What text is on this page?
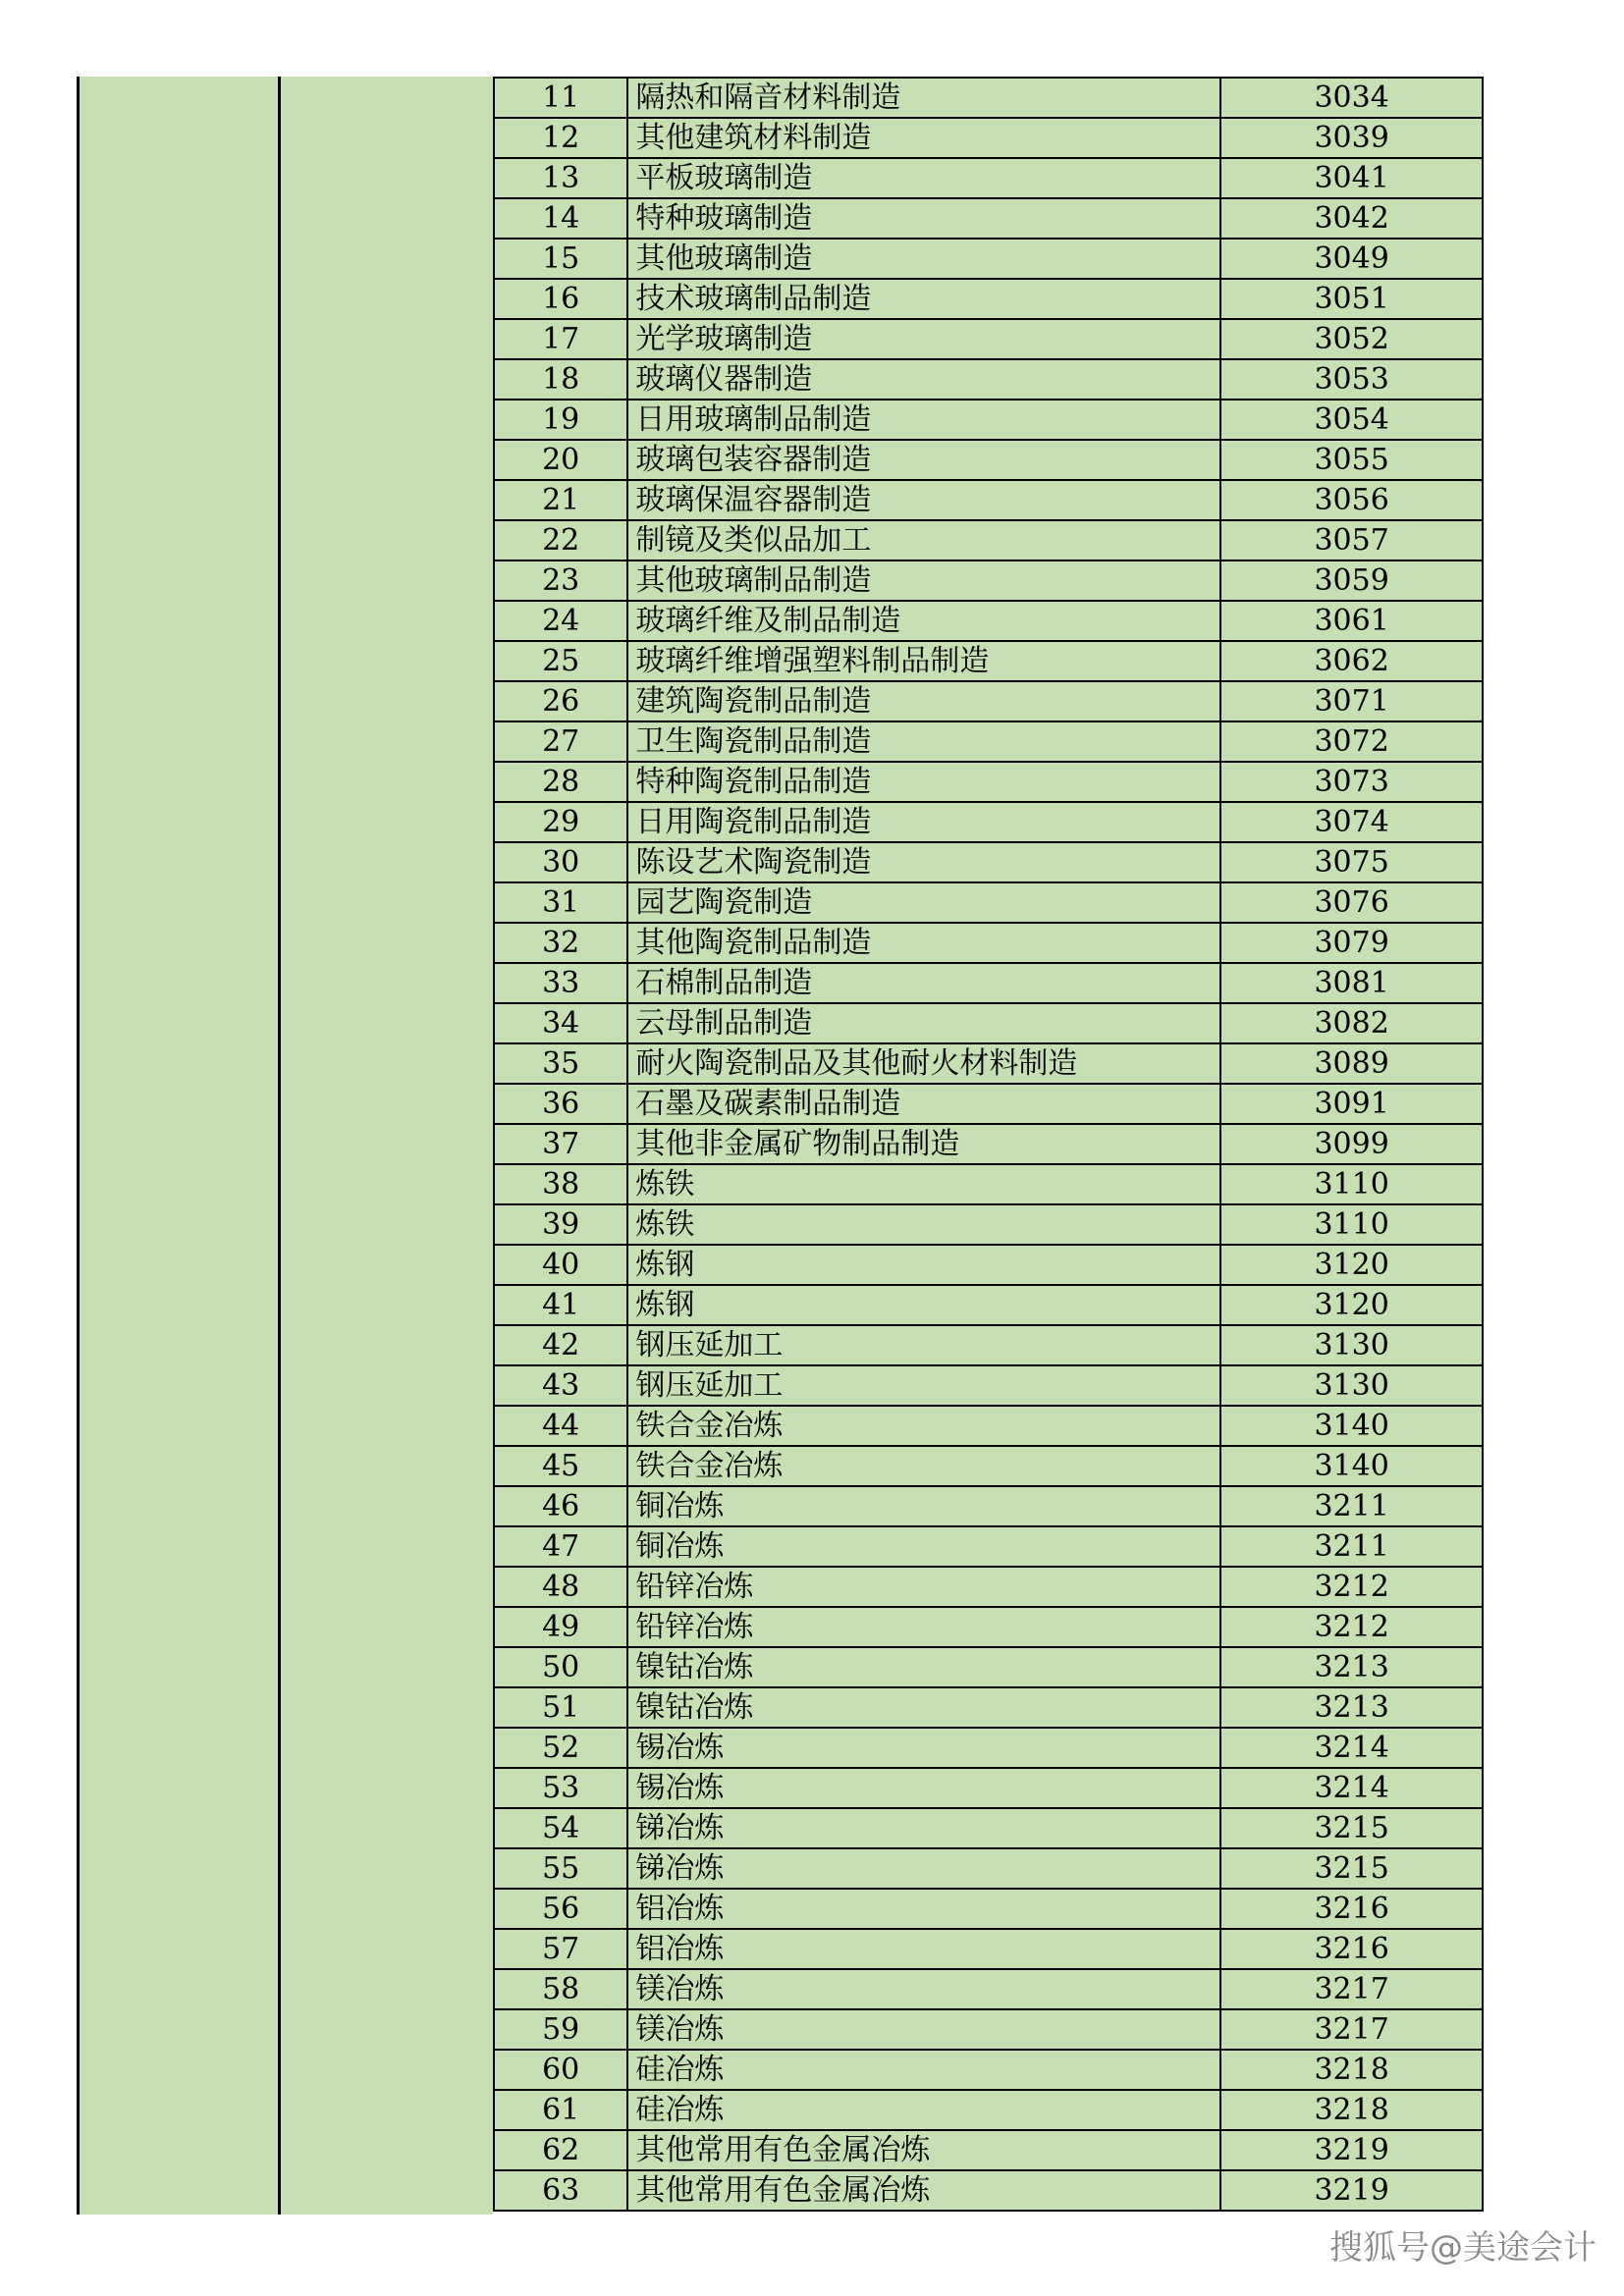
11	隔热和隔音材料制造	3034
12	其他建筑材料制造	3039
13	平板玻璃制造	3041
14	特种玻璃制造	3042
15	其他玻璃制造	3049
16	技术玻璃制品制造	3051
17	光学玻璃制造	3052
18	玻璃仪器制造	3053
19	日用玻璃制品制造	3054
20	玻璃包装容器制造	3055
21	玻璃保温容器制造	3056
22	制镜及类似品加工	3057
23	其他玻璃制品制造	3059
24	玻璃纤维及制品制造	3061
25	玻璃纤维增强塑料制品制造	3062
26	建筑陶瓷制品制造	3071
27	卫生陶瓷制品制造	3072
28	特种陶瓷制品制造	3073
29	日用陶瓷制品制造	3074
30	陈设艺术陶瓷制造	3075
31	园艺陶瓷制造	3076
32	其他陶瓷制品制造	3079
33	石棉制品制造	3081
34	云母制品制造	3082
35	耐火陶瓷制品及其他耐火材料制造	3089
36	石墨及碳素制品制造	3091
37	其他非金属矿物制品制造	3099
38	炼铁	3110
39	炼铁	3110
40	炼钢	3120
41	炼钢	3120
42	钢压延加工	3130
43	钢压延加工	3130
44	铁合金冶炼	3140
45	铁合金冶炼	3140
46	铜冶炼	3211
47	铜冶炼	3211
48	铅锌冶炼	3212
49	铅锌冶炼	3212
50	镍钴冶炼	3213
51	镍钴冶炼	3213
52	锡冶炼	3214
53	锡冶炼	3214
54	锑冶炼	3215
55	锑冶炼	3215
56	铝冶炼	3216
57	铝冶炼	3216
58	镁冶炼	3217
59	镁冶炼	3217
60	硅冶炼	3218
61	硅冶炼	3218
62	其他常用有色金属冶炼	3219
63	其他常用有色金属冶炼	3219
搜狐号@美途会计
